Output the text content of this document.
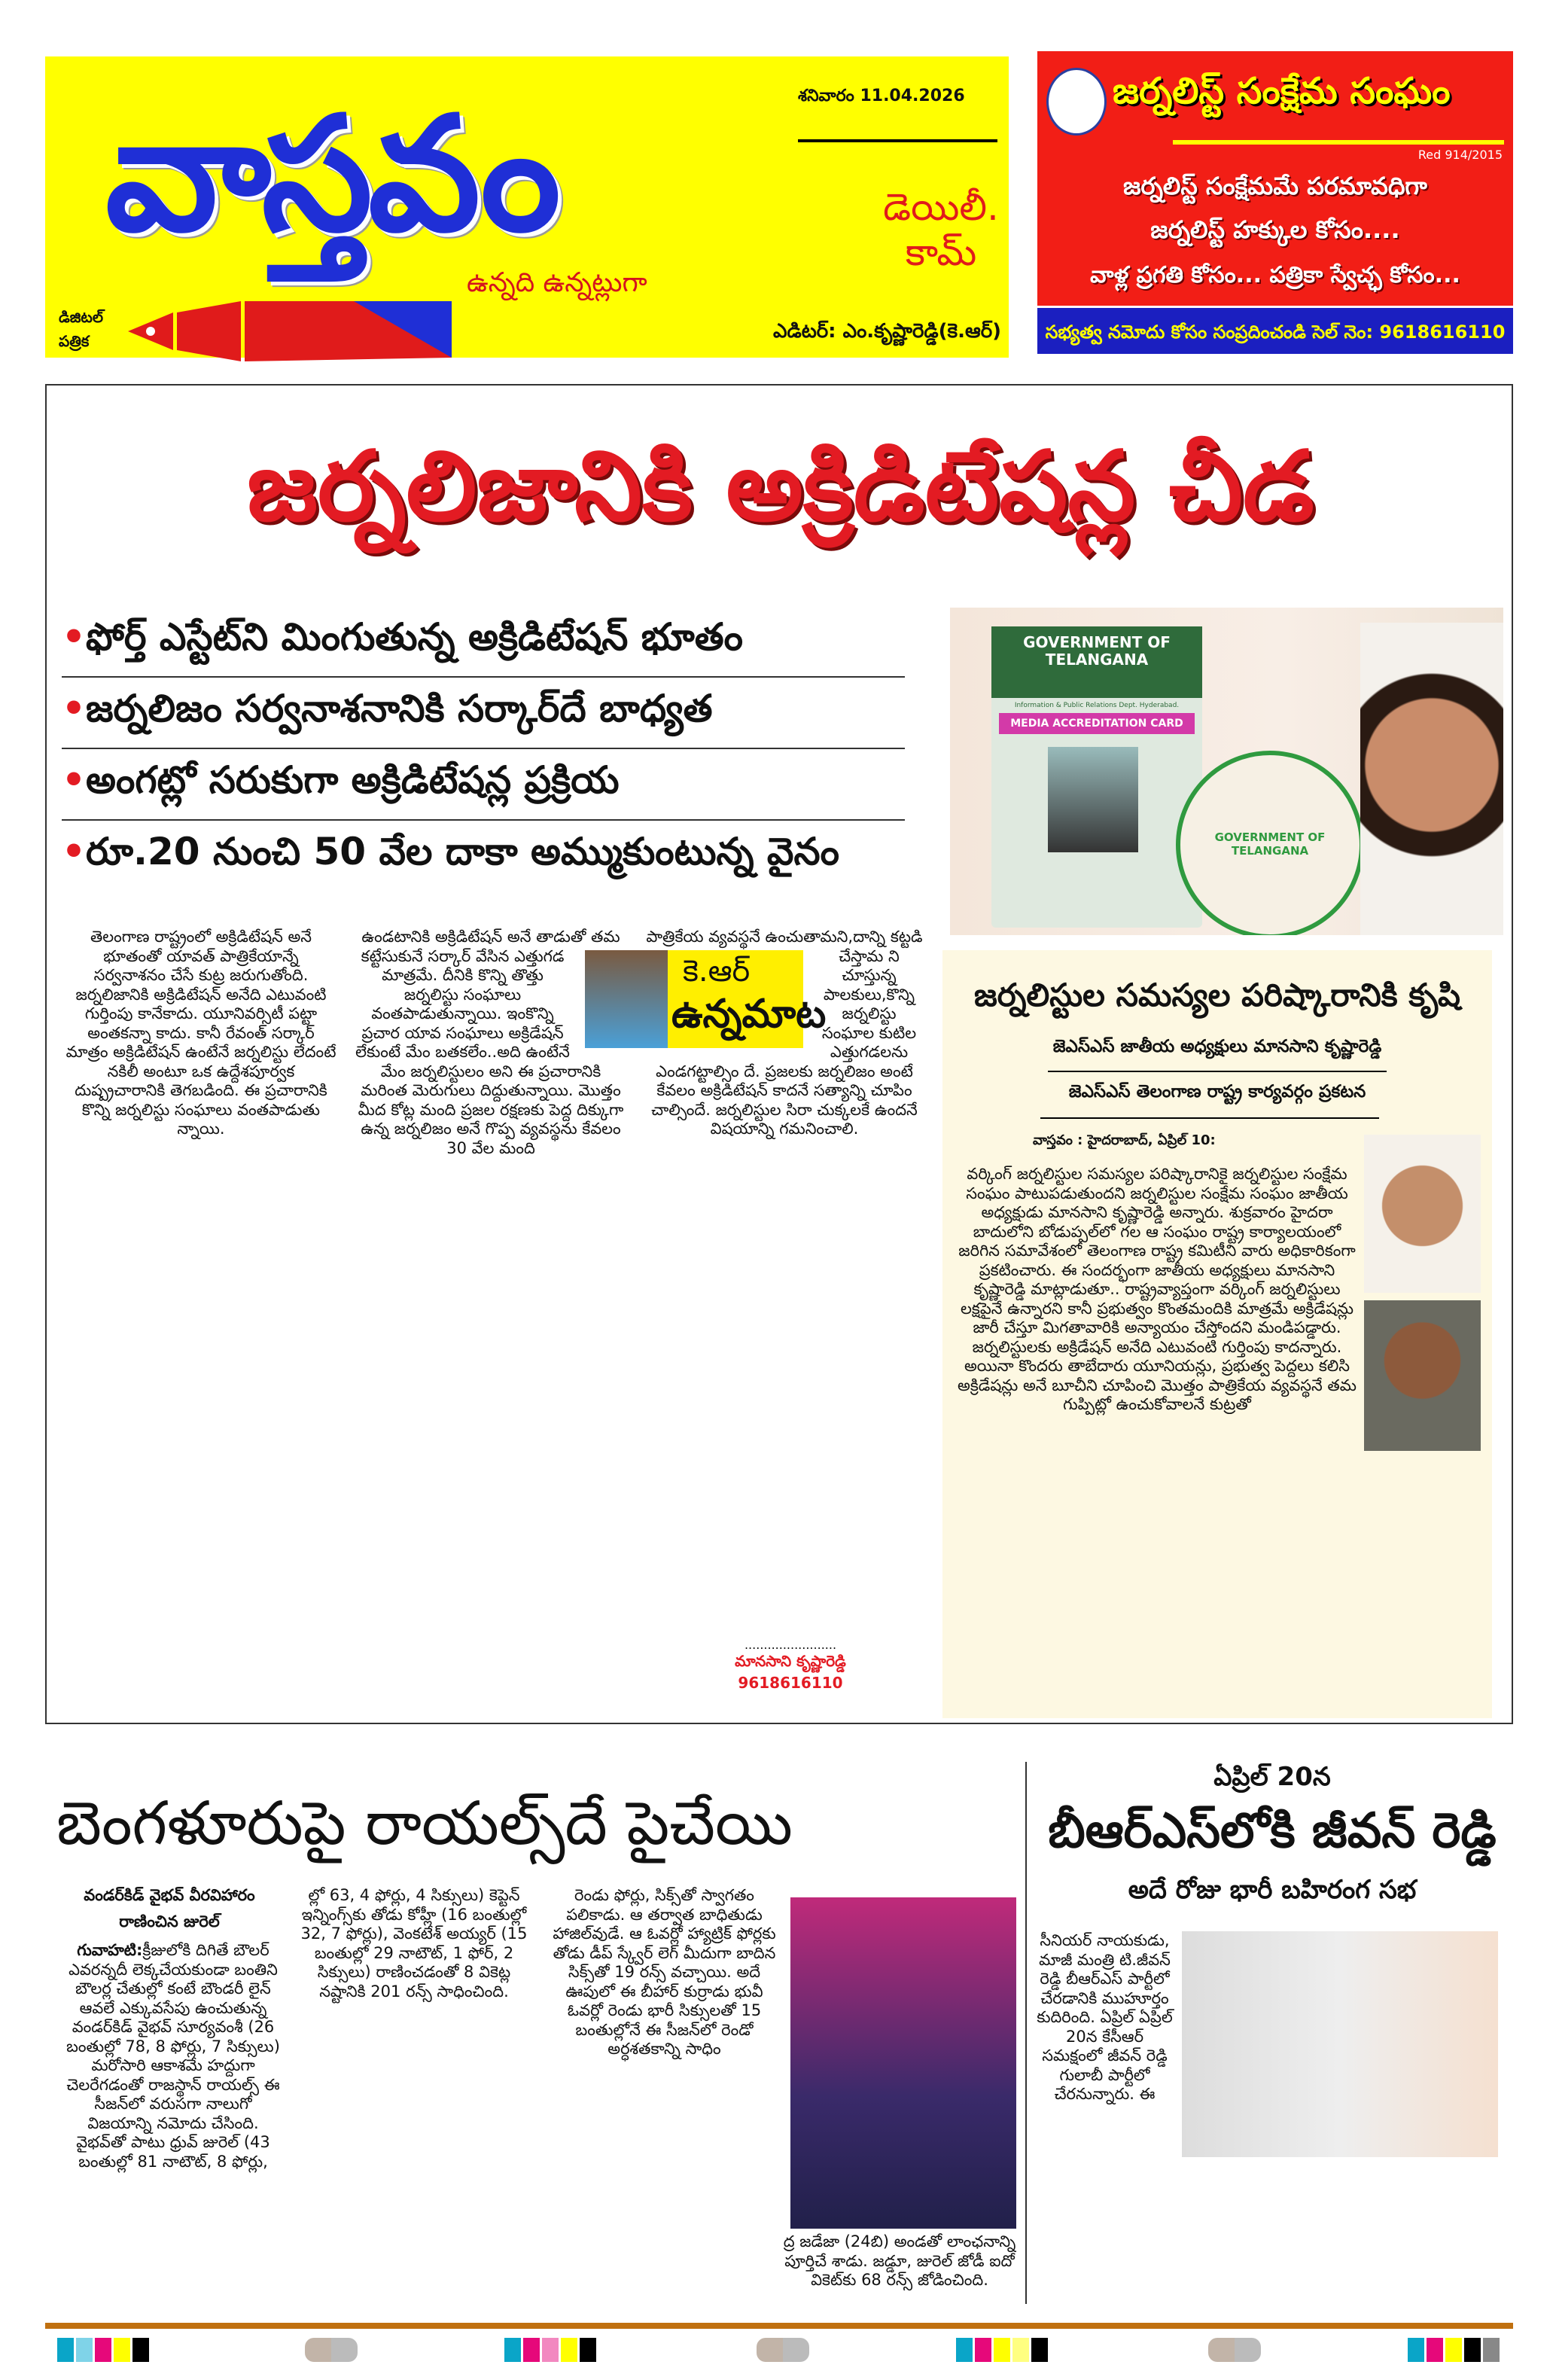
వాస్తవం	శనివారం 11.04.2026
డెయిలీ. కామ్
ఉన్నది ఉన్నట్లుగా
డిజిటల్ పత్రిక	ఎడిటర్: ఎం.కృష్ణారెడ్డి(కె.ఆర్)
జర్నలిస్ట్ సంక్షేమ సంఘం
Red 914/2015
జర్నలిస్ట్ సంక్షేమమే పరమావధిగా
జర్నలిస్ట్ హక్కుల కోసం....
వాళ్ల ప్రగతి కోసం... పత్రికా స్వేచ్ఛ కోసం...
సభ్యత్వ నమోదు కోసం సంప్రదించండి సెల్ నెం: 9618616110
జర్నలిజానికి అక్రిడిటేషన్ల చీడ
•ఫోర్త్ ఎస్టేట్‌ని మింగుతున్న అక్రిడిటేషన్ భూతం
•జర్నలిజం సర్వనాశనానికి సర్కార్‌దే బాధ్యత
•అంగట్లో సరుకుగా అక్రిడిటేషన్ల ప్రక్రియ
•రూ.20 నుంచి 50 వేల దాకా అమ్ముకుంటున్న వైనం
GOVERNMENT OF TELANGANA
Information & Public Relations Dept. Hyderabad.
MEDIA ACCREDITATION CARD
GOVERNMENT OF TELANGANA
తెలంగాణ రాష్ట్రంలో అక్రిడిటేషన్ అనే భూతంతో యావత్ పాత్రికేయాన్నే సర్వనాశనం చేసే కుట్ర జరుగుతోంది. జర్నలిజానికి అక్రిడిటేషన్ అనేది ఎటువంటి గుర్తింపు కానేకాదు. యూనివర్సిటీ పట్టా అంతకన్నా కాదు. కానీ రేవంత్ సర్కార్ మాత్రం అక్రిడిటేషన్ ఉంటేనే జర్నలిస్టు లేదంటే నకిలీ అంటూ ఒక ఉద్దేశపూర్వక దుష్ప్రచారానికి తెగబడింది. ఈ ప్రచారానికి కొన్ని జర్నలిస్టు సంఘాలు వంతపాడుతు న్నాయి.
ఉండటానికి అక్రిడిటేషన్ అనే తాడుతో తమ కట్టేసుకునే సర్కార్ వేసిన ఎత్తుగడ మాత్రమే. దీనికి కొన్ని తొత్తు జర్నలిస్టు సంఘాలు వంతపాడుతున్నాయి. ఇంకొన్ని ప్రచార యావ సంఘాలు అక్రిడేషన్ లేకుంటే మేం బతకలేం..అది ఉంటేనే మేం జర్నలిస్టులం అని ఈ ప్రచారానికి మరింత మెరుగులు దిద్దుతున్నాయి. మొత్తం మీద కోట్ల మంది ప్రజల రక్షణకు పెద్ద దిక్కుగా ఉన్న జర్నలిజం అనే గొప్ప వ్యవస్థను కేవలం 30 వేల మంది
పాత్రికేయ వ్యవస్థనే ఉంచుతామని,దాన్ని కట్టడి చేస్తామ ని చూస్తున్న పాలకులు,కొన్ని జర్నలిస్టు సంఘాల కుటిల ఎత్తుగడలను ఎండగట్టాల్సిం దే. ప్రజలకు జర్నలిజం అంటే కేవలం అక్రిడిటేషన్ కాదనే సత్యాన్ని చూపిం చాల్సిందే. జర్నలిస్టుల సిరా చుక్కలకే ఉందనే విషయాన్ని గమనించాలి.
కె.ఆర్
ఉన్నమాట	జర్నలిస్టుల సమస్యల పరిష్కారానికి కృషి
జెఎస్ఎస్ జాతీయ అధ్యక్షులు మానసాని కృష్ణారెడ్డి
జెఎస్ఎస్ తెలంగాణ రాష్ట్ర కార్యవర్గం ప్రకటన
వాస్తవం : హైదరాబాద్, ఏప్రిల్ 10:
వర్కింగ్ జర్నలిస్టుల సమస్యల పరిష్కారానికై జర్నలిస్టుల సంక్షేమ సంఘం పాటుపడుతుందని జర్నలిస్టుల సంక్షేమ సంఘం జాతీయ అధ్యక్షుడు మానసాని కృష్ణారెడ్డి అన్నారు. శుక్రవారం హైదరా బాదులోని బోడుప్పల్‌లో గల ఆ సంఘం రాష్ట్ర కార్యాలయంలో జరిగిన సమావేశంలో తెలంగాణ రాష్ట్ర కమిటీని వారు అధికారికంగా ప్రకటించారు. ఈ సందర్భంగా జాతీయ అధ్యక్షులు మానసాని కృష్ణారెడ్డి మాట్లాడుతూ.. రాష్ట్రవ్యాప్తంగా వర్కింగ్ జర్నలిస్టులు లక్షపైనే ఉన్నారని కానీ ప్రభుత్వం కొంతమందికి మాత్రమే అక్రిడేషన్లు జారీ చేస్తూ మిగతావారికి అన్యాయం చేస్తోందని మండిపడ్డారు. జర్నలిస్టులకు అక్రిడేషన్ అనేది ఎటువంటి గుర్తింపు కాదన్నారు. అయినా కొందరు తాబేదారు యూనియన్లు, ప్రభుత్వ పెద్దలు కలిసి అక్రిడేషన్లు అనే బూచీని చూపించి మొత్తం పాత్రికేయ వ్యవస్థనే తమ గుప్పిట్లో ఉంచుకోవాలనే కుట్రతో
........................
మానసాని కృష్ణారెడ్డి
9618616110
బెంగళూరుపై రాయల్స్‌దే పైచేయి
వండర్‌కిడ్ వైభవ్ వీరవిహారం
రాణించిన జురెల్
గువాహటి:క్రీజులోకి దిగితే బౌలర్ ఎవరన్నదీ లెక్కచేయకుండా బంతిని బౌలర్ల చేతుల్లో కంటే బౌండరీ లైన్ ఆవలే ఎక్కువసేపు ఉంచుతున్న వండర్‌కిడ్ వైభవ్ సూర్యవంశీ (26 బంతుల్లో 78, 8 ఫోర్లు, 7 సిక్సులు) మరోసారి ఆకాశమే హద్దుగా చెలరేగడంతో రాజస్థాన్ రాయల్స్ ఈ సీజన్‌లో వరుసగా నాలుగో విజయాన్ని నమోదు చేసింది. వైభవ్‌తో పాటు ధ్రువ్ జురెల్ (43 బంతుల్లో 81 నాటౌట్, 8 ఫోర్లు,
ల్లో 63, 4 ఫోర్లు, 4 సిక్సులు) కెప్టెన్ ఇన్నింగ్స్‌కు తోడు కోహ్లీ (16 బంతుల్లో 32, 7 ఫోర్లు), వెంకటేశ్ అయ్యర్ (15 బంతుల్లో 29 నాటౌట్, 1 ఫోర్, 2 సిక్సులు) రాణించడంతో 8 వికెట్ల నష్టానికి 201 రన్స్ సాధించింది.
రెండు ఫోర్లు, సిక్స్‌తో స్వాగతం పలికాడు. ఆ తర్వాత బాధితుడు హాజిల్‌వుడే. ఆ ఓవర్లో హ్యాట్రిక్ ఫోర్లకు తోడు డీప్ స్క్వేర్ లెగ్ మీదుగా బాదిన సిక్స్‌తో 19 రన్స్ వచ్చాయి. అదే ఊపులో ఈ బీహార్ కుర్రాడు భువీ ఓవర్లో రెండు భారీ సిక్సులతో 15 బంతుల్లోనే ఈ సీజన్‌లో రెండో అర్ధశతకాన్ని సాధిం
ద్ర జడేజా (24బి) అండతో లాంఛనాన్ని పూర్తిచే శాడు. జడ్డూ, జురెల్ జోడీ ఐదో వికెట్‌కు 68 రన్స్ జోడించింది.
ఏప్రిల్ 20న
బీఆర్ఎస్‌లోకి జీవన్ రెడ్డి
అదే రోజు భారీ బహిరంగ సభ
సీనియర్ నాయకుడు, మాజీ మంత్రి టి.జీవన్ రెడ్డి బీఆర్ఎస్ పార్టీలో చేరడానికి ముహూర్తం కుదిరింది. ఏప్రిల్ ఏప్రిల్ 20న కేసీఆర్ సమక్షంలో జీవన్ రెడ్డి గులాబీ పార్టీలో చేరనున్నారు. ఈ
